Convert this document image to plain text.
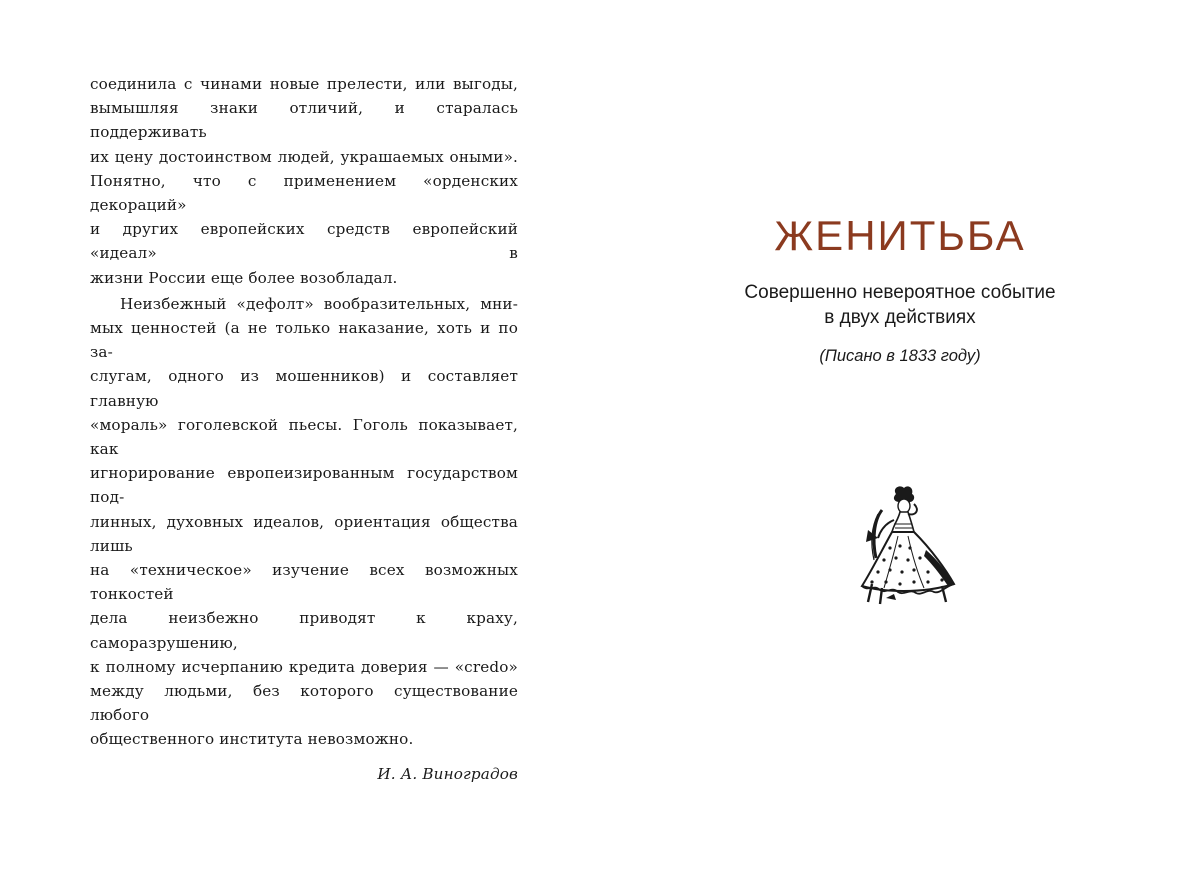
соединила с чинами новые прелести, или выгоды,
вымышляя знаки отличий, и старалась поддерживать
их цену достоинством людей, украшаемых оными».
Понятно, что с применением «орденских декораций»
и других европейских средств европейский «идеал» в
жизни России еще более возобладал.

Неизбежный «дефолт» вообразительных, мни-
мых ценностей (а не только наказание, хоть и по за-
слугам, одного из мошенников) и составляет главную
«мораль» гоголевской пьесы. Гоголь показывает, как
игнорирование европеизированным государством под-
линных, духовных идеалов, ориентация общества лишь
на «техническое» изучение всех возможных тонкостей
дела неизбежно приводят к краху, саморазрушению,
к полному исчерпанию кредита доверия — «credo»
между людьми, без которого существование любого
общественного института невозможно.

И. А. Виноградов
ЖЕНИТЬБА
Совершенно невероятное событие
в двух действиях
(Писано в 1833 году)
